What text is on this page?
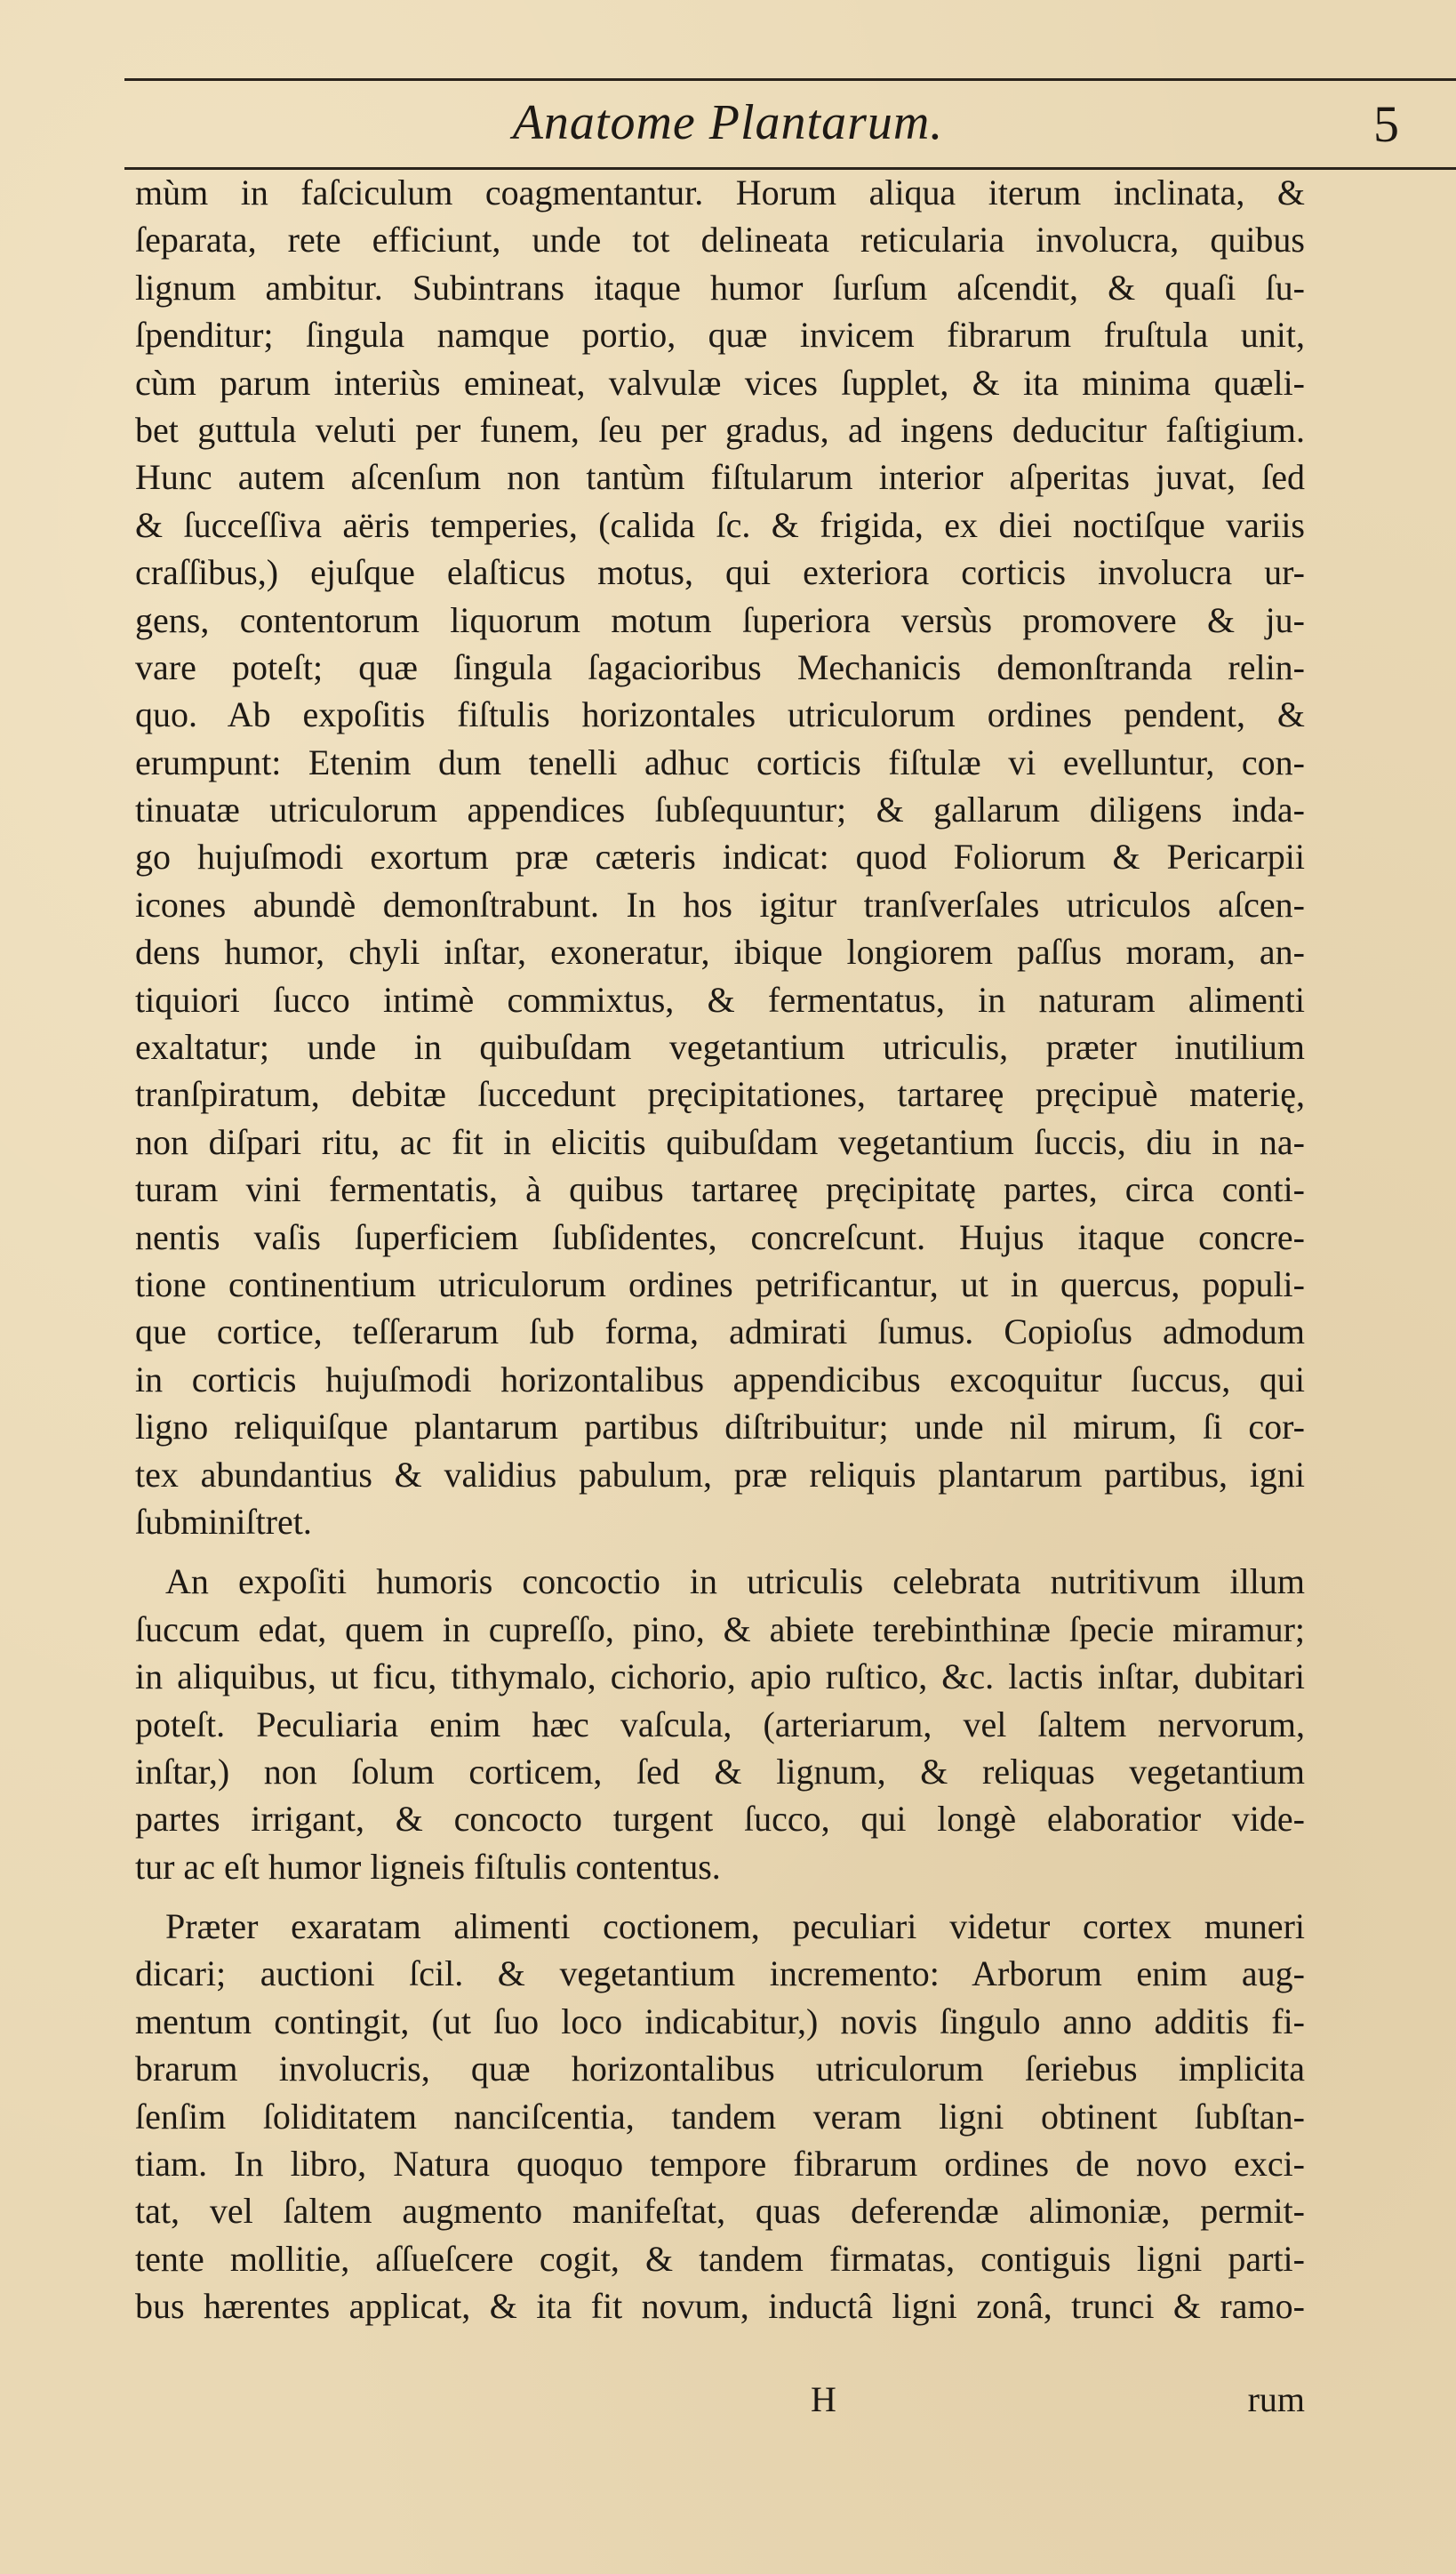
Anatome Plantarum.	5
mùm in faſciculum coagmentantur. Horum aliqua iterum inclinata, &
ſeparata, rete efficiunt, unde tot delineata reticularia involucra, quibus
lignum ambitur. Subintrans itaque humor ſurſum aſcendit, & quaſi ſu-
ſpenditur; ſingula namque portio, quæ invicem fibrarum fruſtula unit,
cùm parum interiùs emineat, valvulæ vices ſupplet, & ita minima quæli-
bet guttula veluti per funem, ſeu per gradus, ad ingens deducitur faſtigium.
Hunc autem aſcenſum non tantùm fiſtularum interior aſperitas juvat, ſed
& ſucceſſiva aëris temperies, (calida ſc. & frigida, ex diei noctiſque variis
craſſibus,) ejuſque elaſticus motus, qui exteriora corticis involucra ur-
gens, contentorum liquorum motum ſuperiora versùs promovere & ju-
vare poteſt; quæ ſingula ſagacioribus Mechanicis demonſtranda relin-
quo. Ab expoſitis fiſtulis horizontales utriculorum ordines pendent, &
erumpunt: Etenim dum tenelli adhuc corticis fiſtulæ vi evelluntur, con-
tinuatæ utriculorum appendices ſubſequuntur; & gallarum diligens inda-
go hujuſmodi exortum præ cæteris indicat: quod Foliorum & Pericarpii
icones abundè demonſtrabunt. In hos igitur tranſverſales utriculos aſcen-
dens humor, chyli inſtar, exoneratur, ibique longiorem paſſus moram, an-
tiquiori ſucco intimè commixtus, & fermentatus, in naturam alimenti
exaltatur; unde in quibuſdam vegetantium utriculis, præter inutilium
tranſpiratum, debitæ ſuccedunt pręcipitationes, tartareę pręcipuè materię,
non diſpari ritu, ac fit in elicitis quibuſdam vegetantium ſuccis, diu in na-
turam vini fermentatis, à quibus tartareę pręcipitatę partes, circa conti-
nentis vaſis ſuperficiem ſubſidentes, concreſcunt. Hujus itaque concre-
tione continentium utriculorum ordines petrificantur, ut in quercus, populi-
que cortice, teſſerarum ſub forma, admirati ſumus. Copioſus admodum
in corticis hujuſmodi horizontalibus appendicibus excoquitur ſuccus, qui
ligno reliquiſque plantarum partibus diſtribuitur; unde nil mirum, ſi cor-
tex abundantius & validius pabulum, præ reliquis plantarum partibus, igni
ſubminiſtret.
An expoſiti humoris concoctio in utriculis celebrata nutritivum illum
ſuccum edat, quem in cupreſſo, pino, & abiete terebinthinæ ſpecie miramur;
in aliquibus, ut ficu, tithymalo, cichorio, apio ruſtico, &c. lactis inſtar, dubitari
poteſt. Peculiaria enim hæc vaſcula, (arteriarum, vel ſaltem nervorum,
inſtar,) non ſolum corticem, ſed & lignum, & reliquas vegetantium
partes irrigant, & concocto turgent ſucco, qui longè elaboratior vide-
tur ac eſt humor ligneis fiſtulis contentus.
Præter exaratam alimenti coctionem, peculiari videtur cortex muneri
dicari; auctioni ſcil. & vegetantium incremento: Arborum enim aug-
mentum contingit, (ut ſuo loco indicabitur,) novis ſingulo anno additis fi-
brarum involucris, quæ horizontalibus utriculorum ſeriebus implicita
ſenſim ſoliditatem nanciſcentia, tandem veram ligni obtinent ſubſtan-
tiam. In libro, Natura quoquo tempore fibrarum ordines de novo exci-
tat, vel ſaltem augmento manifeſtat, quas deferendæ alimoniæ, permit-
tente mollitie, aſſueſcere cogit, & tandem firmatas, contiguis ligni parti-
bus hærentes applicat, & ita fit novum, inductâ ligni zonâ, trunci & ramo-
H	rum
